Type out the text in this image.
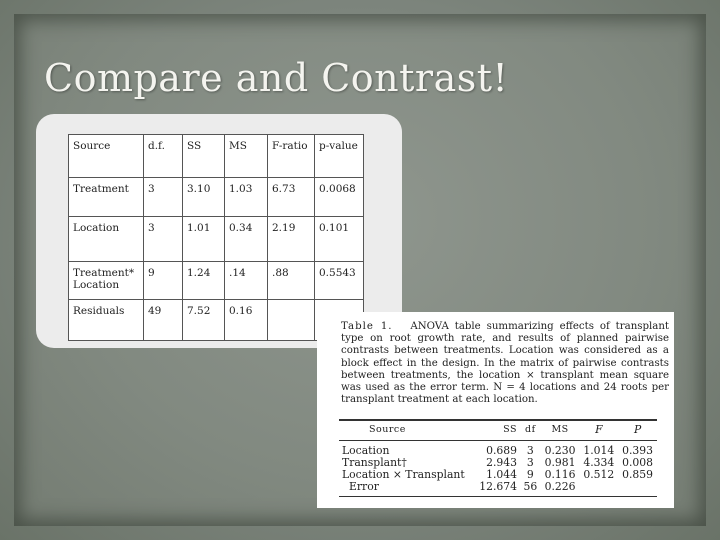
Compare and Contrast!
Source	d.f.	SS	MS	F-ratio	p-value
Treatment	3	3.10	1.03	6.73	0.0068
Location	3	1.01	0.34	2.19	0.101
Treatment* Location	9	1.24	.14	.88	0.5543
Residuals	49	7.52	0.16		
Table 1. ANOVA table summarizing effects of transplant type on root growth rate, and results of planned pairwise contrasts between treatments. Location was considered as a block effect in the design. In the matrix of pairwise contrasts between treatments, the location × transplant mean square was used as the error term. N = 4 locations and 24 roots per transplant treatment at each location.
Source	SS	df	MS	F	P
Location	0.689	3	0.230	1.014	0.393
Transplant†	2.943	3	0.981	4.334	0.008
Location × Transplant	1.044	9	0.116	0.512	0.859
Error	12.674	56	0.226		
